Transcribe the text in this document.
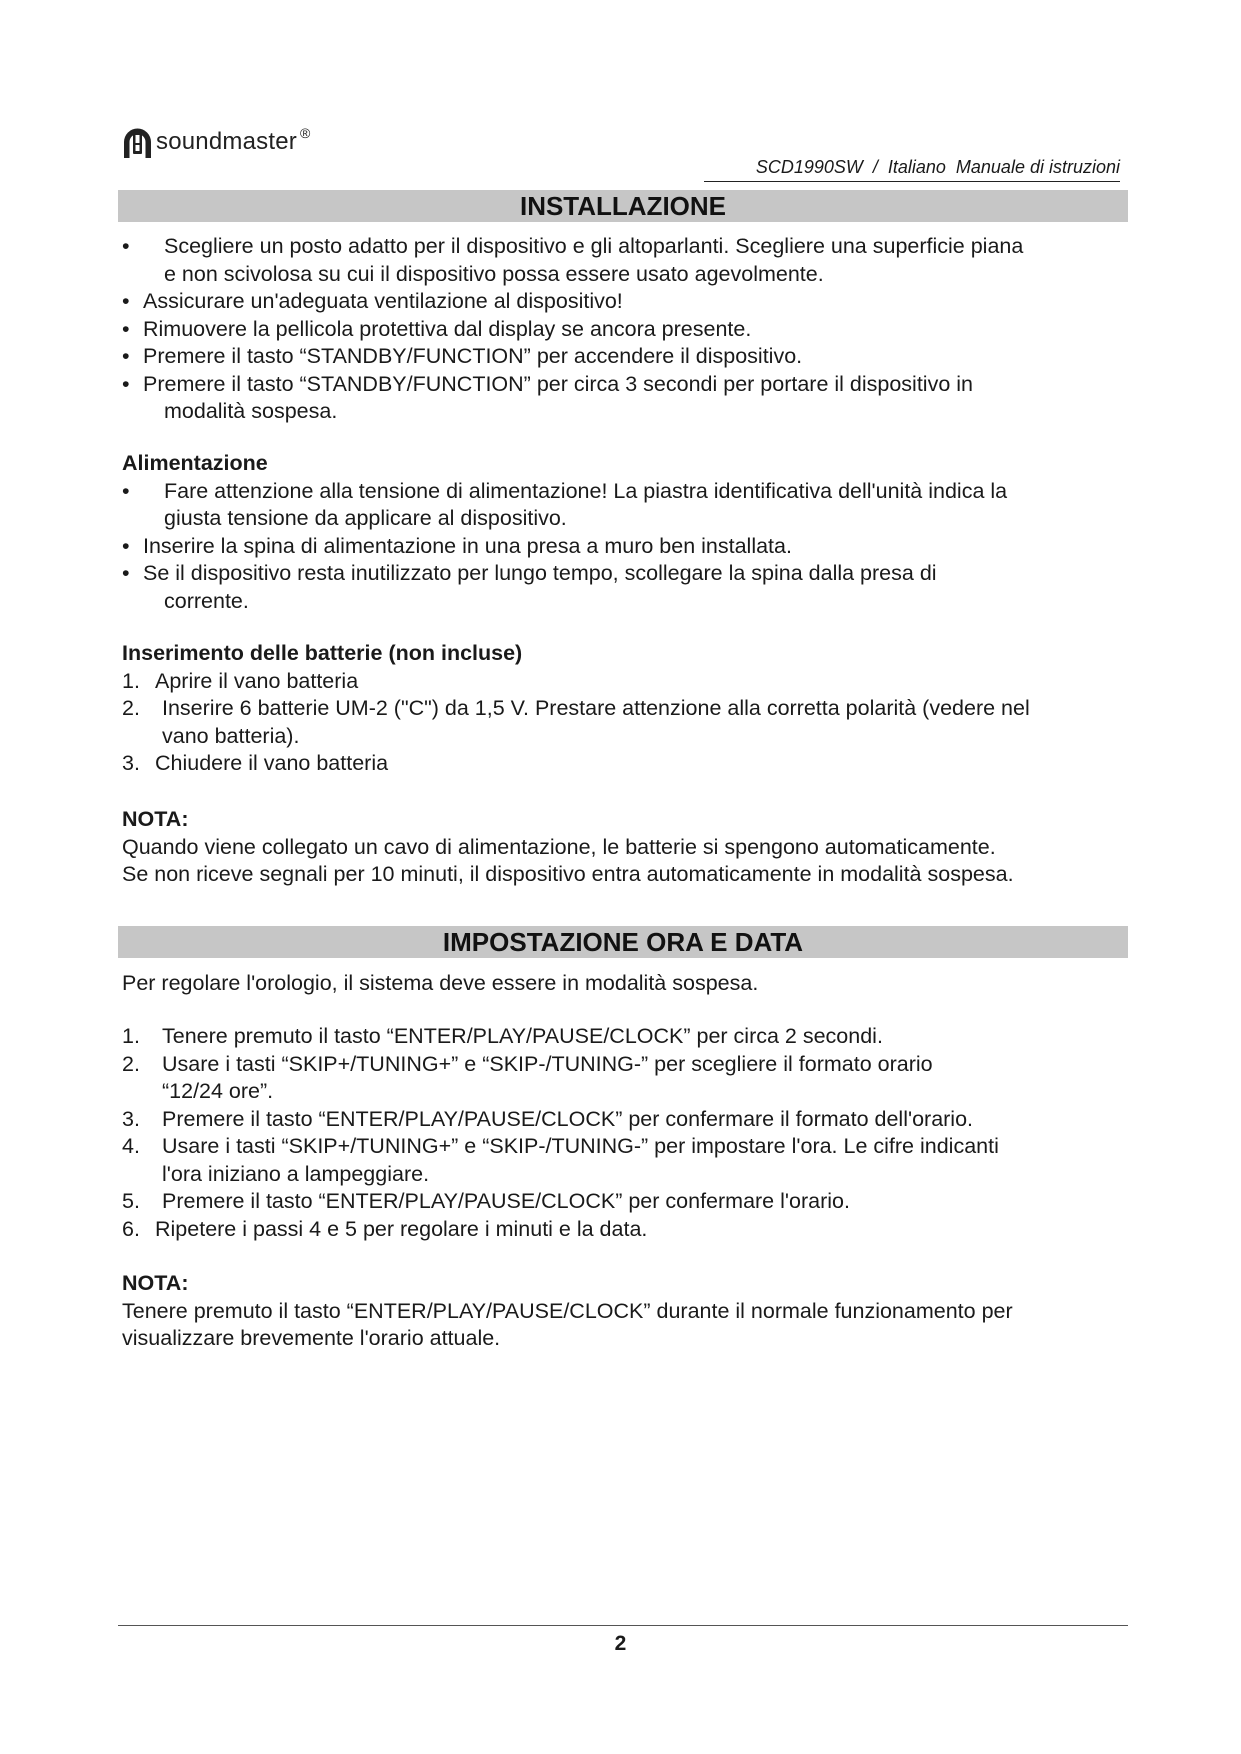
soundmaster ®
SCD1990SW  /  Italiano  Manuale di istruzioni
INSTALLAZIONE
• Scegliere un posto adatto per il dispositivo e gli altoparlanti. Scegliere una superficie piana
e non scivolosa su cui il dispositivo possa essere usato agevolmente.
• Assicurare un'adeguata ventilazione al dispositivo!
• Rimuovere la pellicola protettiva dal display se ancora presente.
• Premere il tasto “STANDBY/FUNCTION” per accendere il dispositivo.
• Premere il tasto “STANDBY/FUNCTION” per circa 3 secondi per portare il dispositivo in
modalità sospesa.
Alimentazione
• Fare attenzione alla tensione di alimentazione! La piastra identificativa dell'unità indica la
giusta tensione da applicare al dispositivo.
• Inserire la spina di alimentazione in una presa a muro ben installata.
• Se il dispositivo resta inutilizzato per lungo tempo, scollegare la spina dalla presa di
corrente.
Inserimento delle batterie (non incluse)
1. Aprire il vano batteria
2. Inserire 6 batterie UM-2 ("C") da 1,5 V. Prestare attenzione alla corretta polarità (vedere nel
vano batteria).
3. Chiudere il vano batteria
NOTA:
Quando viene collegato un cavo di alimentazione, le batterie si spengono automaticamente.
Se non riceve segnali per 10 minuti, il dispositivo entra automaticamente in modalità sospesa.
IMPOSTAZIONE ORA E DATA
Per regolare l'orologio, il sistema deve essere in modalità sospesa.
1. Tenere premuto il tasto “ENTER/PLAY/PAUSE/CLOCK” per circa 2 secondi.
2. Usare i tasti “SKIP+/TUNING+” e “SKIP-/TUNING-” per scegliere il formato orario
“12/24 ore”.
3. Premere il tasto “ENTER/PLAY/PAUSE/CLOCK” per confermare il formato dell'orario.
4. Usare i tasti “SKIP+/TUNING+” e “SKIP-/TUNING-” per impostare l'ora. Le cifre indicanti
l'ora iniziano a lampeggiare.
5. Premere il tasto “ENTER/PLAY/PAUSE/CLOCK” per confermare l'orario.
6. Ripetere i passi 4 e 5 per regolare i minuti e la data.
NOTA:
Tenere premuto il tasto “ENTER/PLAY/PAUSE/CLOCK” durante il normale funzionamento per
visualizzare brevemente l'orario attuale.
2
